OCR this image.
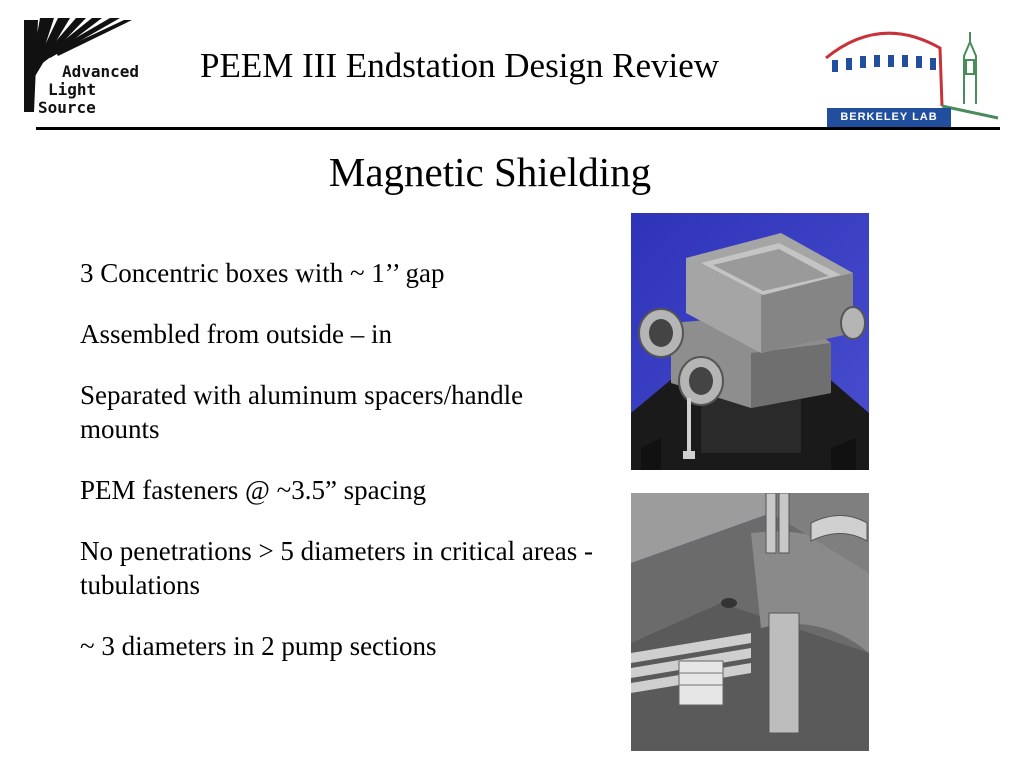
Advanced
Light
Source
PEEM III Endstation Design Review
BERKELEY LAB
Magnetic Shielding
3 Concentric boxes with ~ 1’’ gap
Assembled from outside – in
Separated with aluminum spacers/handle mounts
PEM fasteners @ ~3.5” spacing
No penetrations > 5 diameters in critical areas - tubulations
~ 3 diameters in 2 pump sections
